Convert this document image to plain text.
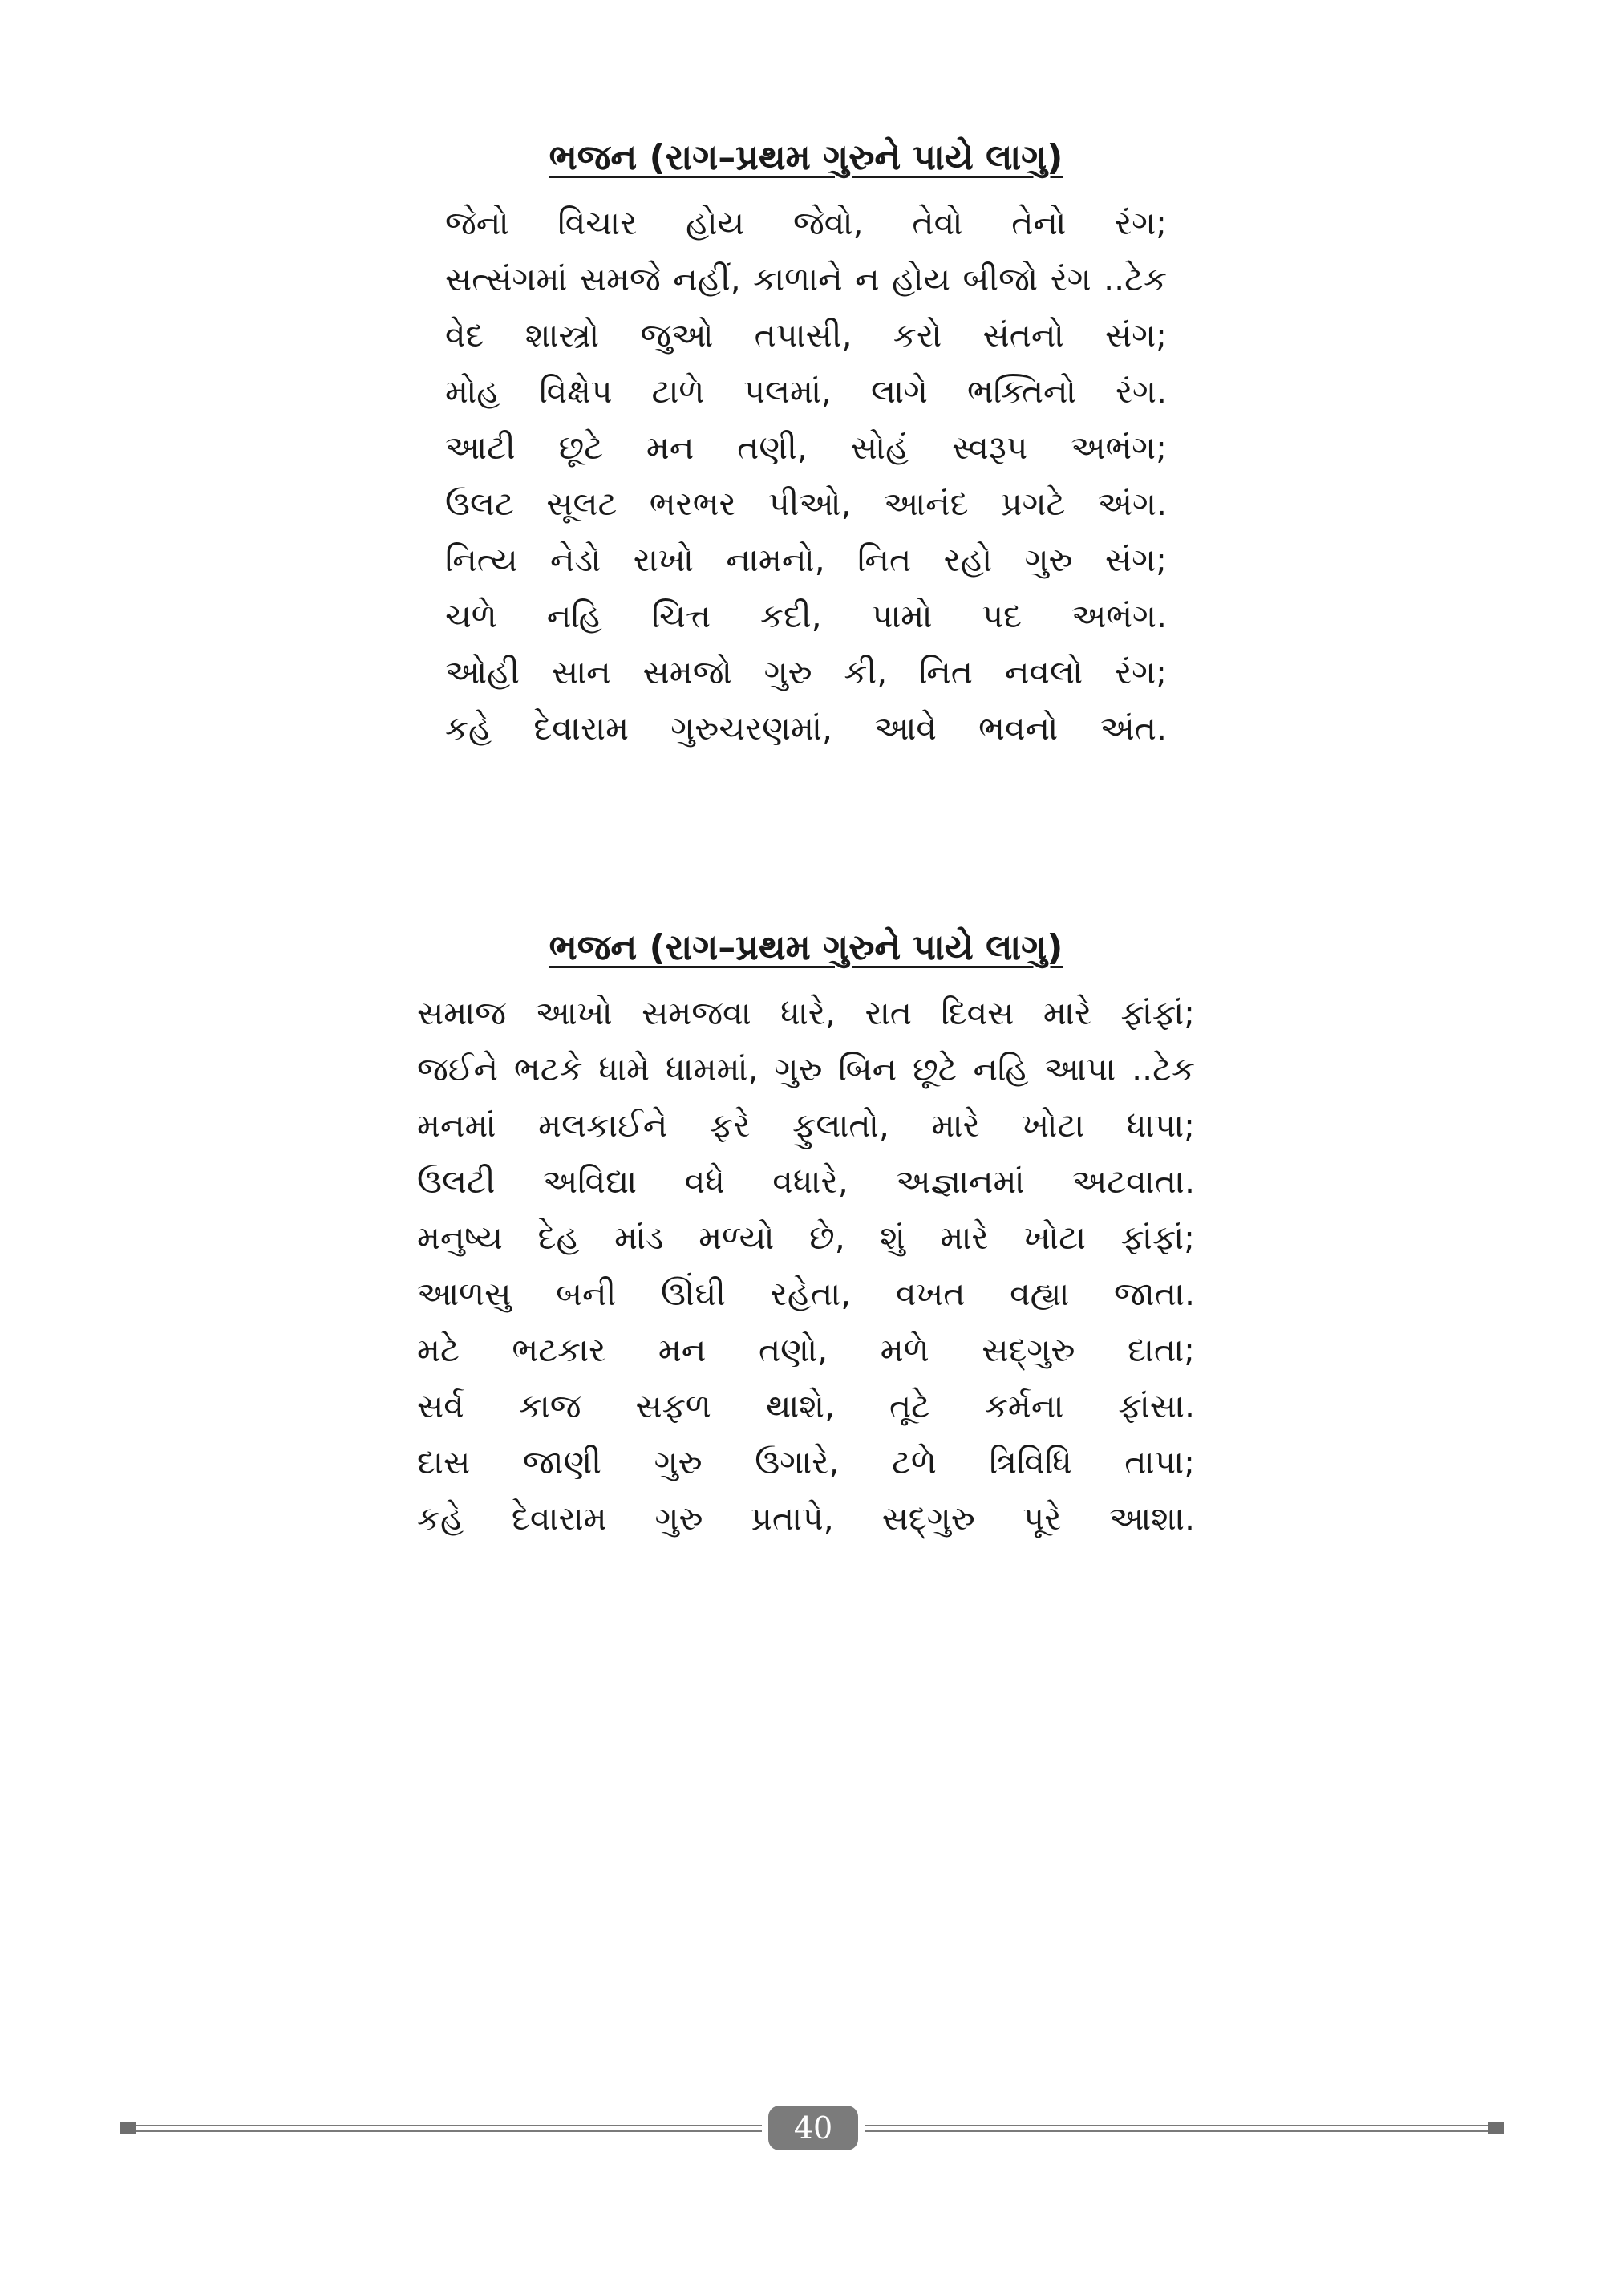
ભજન (રાગ–પ્રથમ ગુરુને પાયે લાગુ)
જેનો વિચાર હોય જેવો, તેવો તેનો રંગ;
સત્સંગમાં સમજે નહીં, કાળાને ન હોય બીજો રંગ ..ટેક
વેદ શાસ્ત્રો જુઓ તપાસી, કરો સંતનો સંગ;
મોહ વિક્ષેપ ટાળે પલમાં, લાગે ભક્તિનો રંગ.
આટી છૂટે મન તણી, સોહં સ્વરૂપ અભંગ;
ઉલટ સૂલટ ભરભર પીઓ, આનંદ પ્રગટે અંગ.
નિત્ય નેડો રાખો નામનો, નિત રહો ગુરુ સંગ;
ચળે નહિ ચિત્ત કદી, પામો પદ અભંગ.
ઓહી સાન સમજો ગુરુ કી, નિત નવલો રંગ;
કહે દેવારામ ગુરુચરણમાં, આવે ભવનો અંત.
ભજન (રાગ–પ્રથમ ગુરુને પાયે લાગુ)
સમાજ આખો સમજવા ધારે, રાત દિવસ મારે ફાંફાં;
જઈને ભટકે ધામે ધામમાં, ગુરુ બિન છૂટે નહિ આપા ..ટેક
મનમાં મલકાઈને ફરે ફુલાતો, મારે ખોટા ધાપા;
ઉલટી અવિદ્યા વધે વધારે, અજ્ઞાનમાં અટવાતા.
મનુષ્ય દેહ માંડ મળ્યો છે, શું મારે ખોટા ફાંફાં;
આળસુ બની ઊંઘી રહેતા, વખત વહ્યા જાતા.
મટે ભટકાર મન તણો, મળે સદ્‌ગુરુ દાતા;
સર્વ કાજ સફળ થાશે, તૂટે કર્મના ફાંસા.
દાસ જાણી ગુરુ ઉગારે, ટળે ત્રિવિધિ તાપા;
કહે દેવારામ ગુરુ પ્રતાપે, સદ્‌ગુરુ પૂરે આશા.
40
